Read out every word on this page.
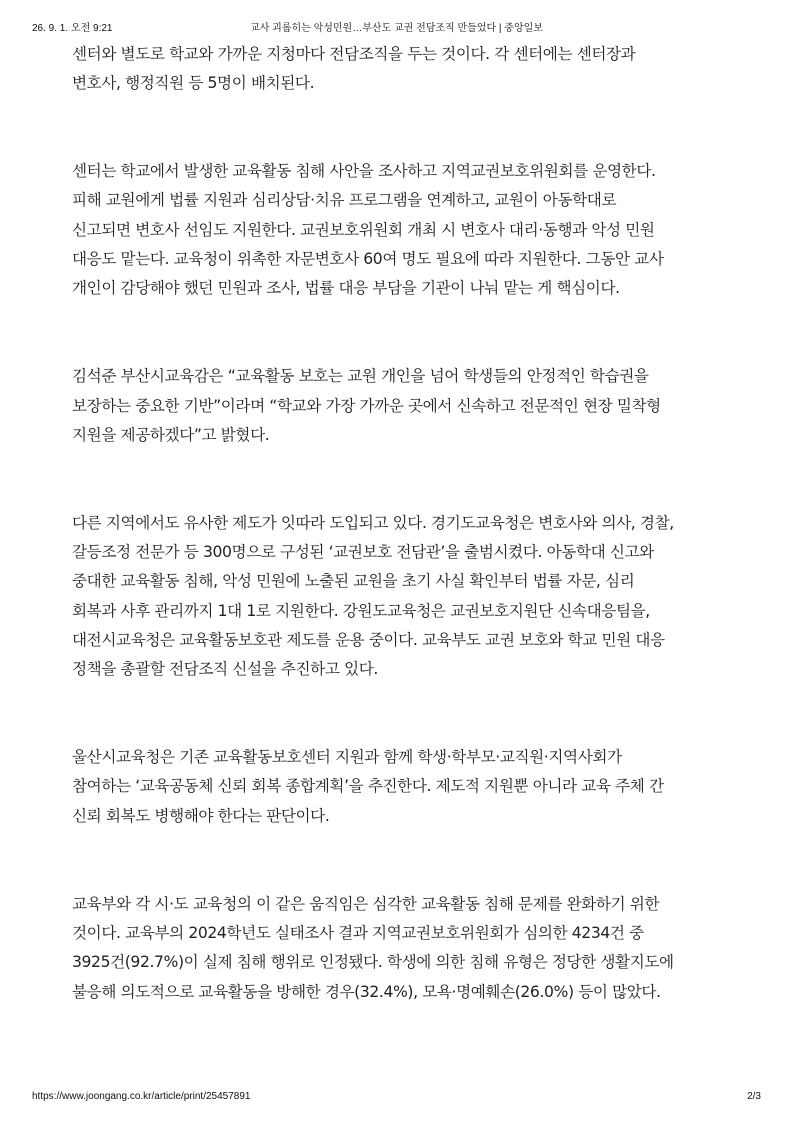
26. 9. 1. 오전 9:21	교사 괴롭히는 악성민원…부산도 교권 전담조직 만들었다 | 중앙일보

센터와 별도로 학교와 가까운 지청마다 전담조직을 두는 것이다. 각 센터에는 센터장과
변호사, 행정직원 등 5명이 배치된다.

센터는 학교에서 발생한 교육활동 침해 사안을 조사하고 지역교권보호위원회를 운영한다.
피해 교원에게 법률 지원과 심리상담·치유 프로그램을 연계하고, 교원이 아동학대로
신고되면 변호사 선임도 지원한다. 교권보호위원회 개최 시 변호사 대리·동행과 악성 민원
대응도 맡는다. 교육청이 위촉한 자문변호사 60여 명도 필요에 따라 지원한다. 그동안 교사
개인이 감당해야 했던 민원과 조사, 법률 대응 부담을 기관이 나눠 맡는 게 핵심이다.

김석준 부산시교육감은 “교육활동 보호는 교원 개인을 넘어 학생들의 안정적인 학습권을
보장하는 중요한 기반”이라며 “학교와 가장 가까운 곳에서 신속하고 전문적인 현장 밀착형
지원을 제공하겠다”고 밝혔다.

다른 지역에서도 유사한 제도가 잇따라 도입되고 있다. 경기도교육청은 변호사와 의사, 경찰,
갈등조정 전문가 등 300명으로 구성된 ‘교권보호 전담관’을 출범시켰다. 아동학대 신고와
중대한 교육활동 침해, 악성 민원에 노출된 교원을 초기 사실 확인부터 법률 자문, 심리
회복과 사후 관리까지 1대 1로 지원한다. 강원도교육청은 교권보호지원단 신속대응팀을,
대전시교육청은 교육활동보호관 제도를 운용 중이다. 교육부도 교권 보호와 학교 민원 대응
정책을 총괄할 전담조직 신설을 추진하고 있다.

울산시교육청은 기존 교육활동보호센터 지원과 함께 학생·학부모·교직원·지역사회가
참여하는 ‘교육공동체 신뢰 회복 종합계획’을 추진한다. 제도적 지원뿐 아니라 교육 주체 간
신뢰 회복도 병행해야 한다는 판단이다.

교육부와 각 시·도 교육청의 이 같은 움직임은 심각한 교육활동 침해 문제를 완화하기 위한
것이다. 교육부의 2024학년도 실태조사 결과 지역교권보호위원회가 심의한 4234건 중
3925건(92.7%)이 실제 침해 행위로 인정됐다. 학생에 의한 침해 유형은 정당한 생활지도에
불응해 의도적으로 교육활동을 방해한 경우(32.4%), 모욕·명예훼손(26.0%) 등이 많았다.

https://www.joongang.co.kr/article/print/25457891	2/3
